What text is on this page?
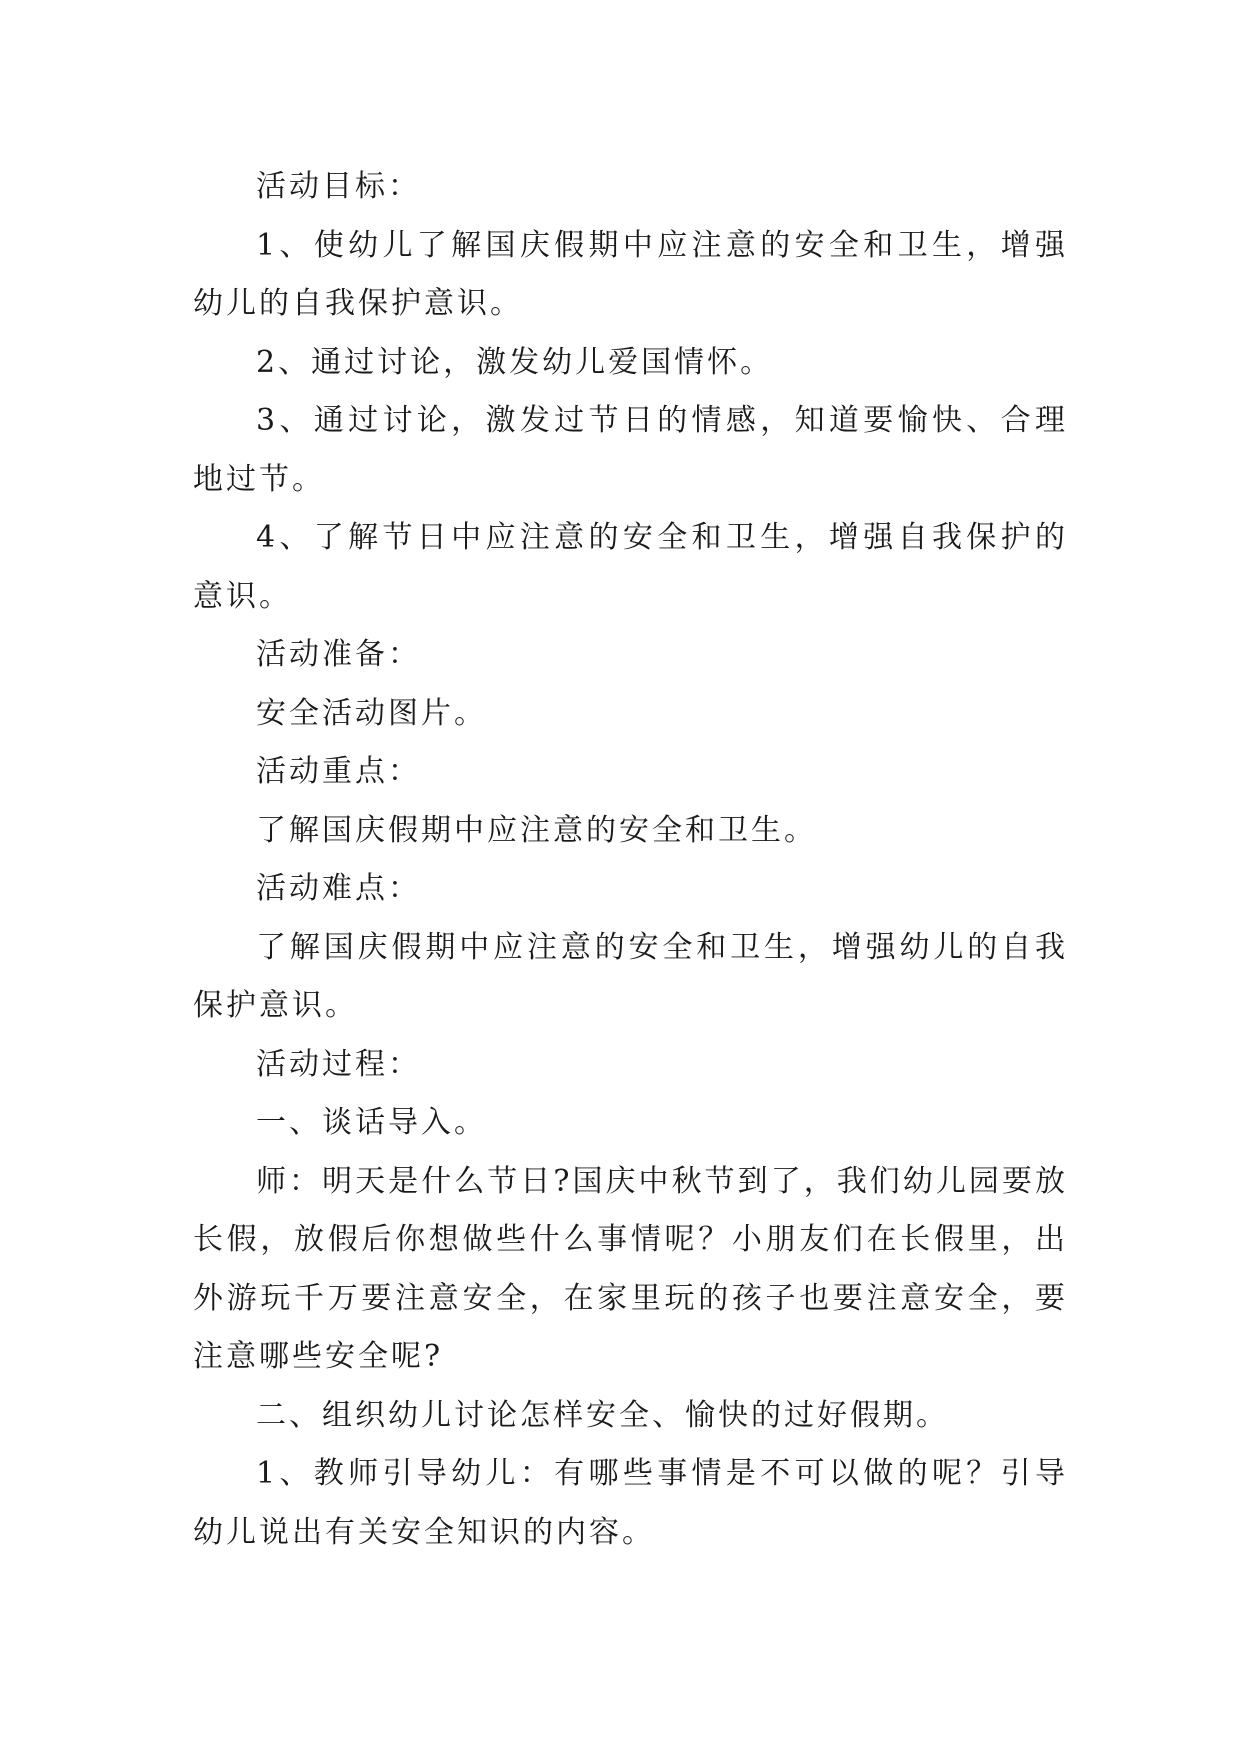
活动目标：

1、使幼儿了解国庆假期中应注意的安全和卫生，增强幼儿的自我保护意识。

2、通过讨论，激发幼儿爱国情怀。

3、通过讨论，激发过节日的情感，知道要愉快、合理地过节。

4、了解节日中应注意的安全和卫生，增强自我保护的意识。

活动准备：

安全活动图片。

活动重点：

了解国庆假期中应注意的安全和卫生。

活动难点：

了解国庆假期中应注意的安全和卫生，增强幼儿的自我保护意识。

活动过程：

一、谈话导入。

师：明天是什么节日?国庆中秋节到了，我们幼儿园要放长假，放假后你想做些什么事情呢？小朋友们在长假里，出外游玩千万要注意安全，在家里玩的孩子也要注意安全，要注意哪些安全呢?

二、组织幼儿讨论怎样安全、愉快的过好假期。

1、教师引导幼儿：有哪些事情是不可以做的呢？引导幼儿说出有关安全知识的内容。
